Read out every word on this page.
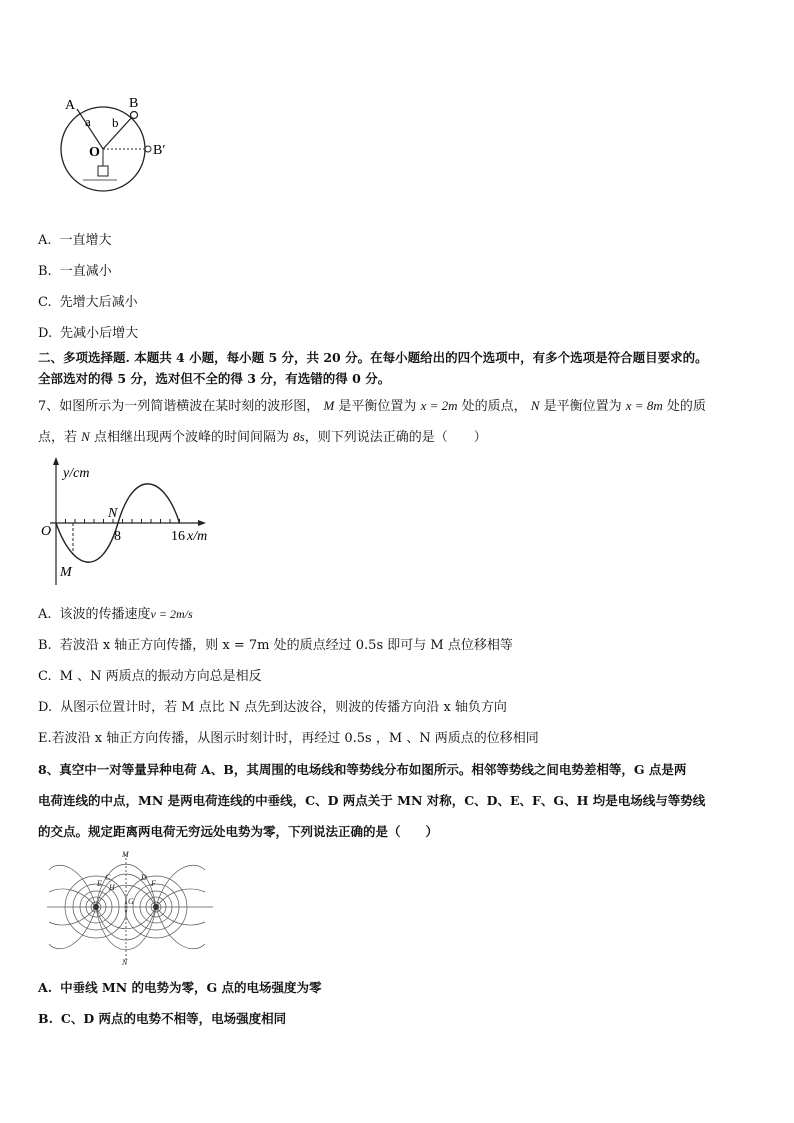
A	B
a b
O	B′
A. 一直增大
B. 一直减小
C. 先增大后减小
D. 先减小后增大
二、多项选择题. 本题共 4 小题，每小题 5 分，共 20 分。在每小题给出的四个选项中，有多个选项是符合题目要求的。
全部选对的得 5 分，选对但不全的得 3 分，有选错的得 0 分。
7、如图所示为一列简谐横波在某时刻的波形图， M 是平衡位置为 x = 2m 处的质点， N 是平衡位置为 x = 8m 处的质
点，若 N 点相继出现两个波峰的时间间隔为 8s，则下列说法正确的是（　　）
y/cm
O
N
M
8	16 x/m
A. 该波的传播速度v = 2m/s
B. 若波沿 x 轴正方向传播，则 x = 7m 处的质点经过 0.5s 即可与 M 点位移相等
C. M 、N 两质点的振动方向总是相反
D. 从图示位置计时，若 M 点比 N 点先到达波谷，则波的传播方向沿 x 轴负方向
E.若波沿 x 轴正方向传播，从图示时刻计时，再经过 0.5s ，M 、N 两质点的位移相同
8、真空中一对等量异种电荷 A、B，其周围的电场线和等势线分布如图所示。相邻等势线之间电势差相等，G 点是两
电荷连线的中点，MN 是两电荷连线的中垂线，C、D 两点关于 MN 对称，C、D、E、F、G、H 均是电场线与等势线
的交点。规定距离两电荷无穷远处电势为零，下列说法正确的是（　　）
M
N
C
E H
D
F
G
A. 中垂线 MN 的电势为零，G 点的电场强度为零
B. C、D 两点的电势不相等，电场强度相同
